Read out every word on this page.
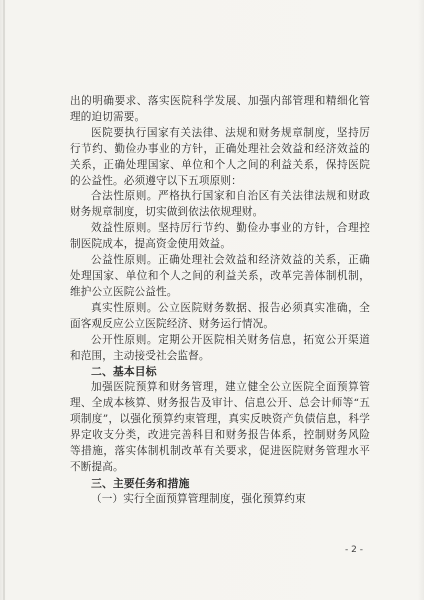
出的明确要求、落实医院科学发展、加强内部管理和精细化管理的迫切需要。

医院要执行国家有关法律、法规和财务规章制度，坚持厉行节约、勤俭办事业的方针，正确处理社会效益和经济效益的关系，正确处理国家、单位和个人之间的利益关系，保持医院的公益性。必须遵守以下五项原则：

合法性原则。严格执行国家和自治区有关法律法规和财政财务规章制度，切实做到依法依规理财。

效益性原则。坚持厉行节约、勤俭办事业的方针，合理控制医院成本，提高资金使用效益。

公益性原则。正确处理社会效益和经济效益的关系，正确处理国家、单位和个人之间的利益关系，改革完善体制机制，维护公立医院公益性。

真实性原则。公立医院财务数据、报告必须真实准确，全面客观反应公立医院经济、财务运行情况。

公开性原则。定期公开医院相关财务信息，拓宽公开渠道和范围，主动接受社会监督。

二、基本目标

加强医院预算和财务管理，建立健全公立医院全面预算管理、全成本核算、财务报告及审计、信息公开、总会计师等“五项制度”，以强化预算约束管理，真实反映资产负债信息，科学界定收支分类，改进完善科目和财务报告体系，控制财务风险等措施，落实体制机制改革有关要求，促进医院财务管理水平不断提高。

三、主要任务和措施

（一）实行全面预算管理制度，强化预算约束

- 2 -
